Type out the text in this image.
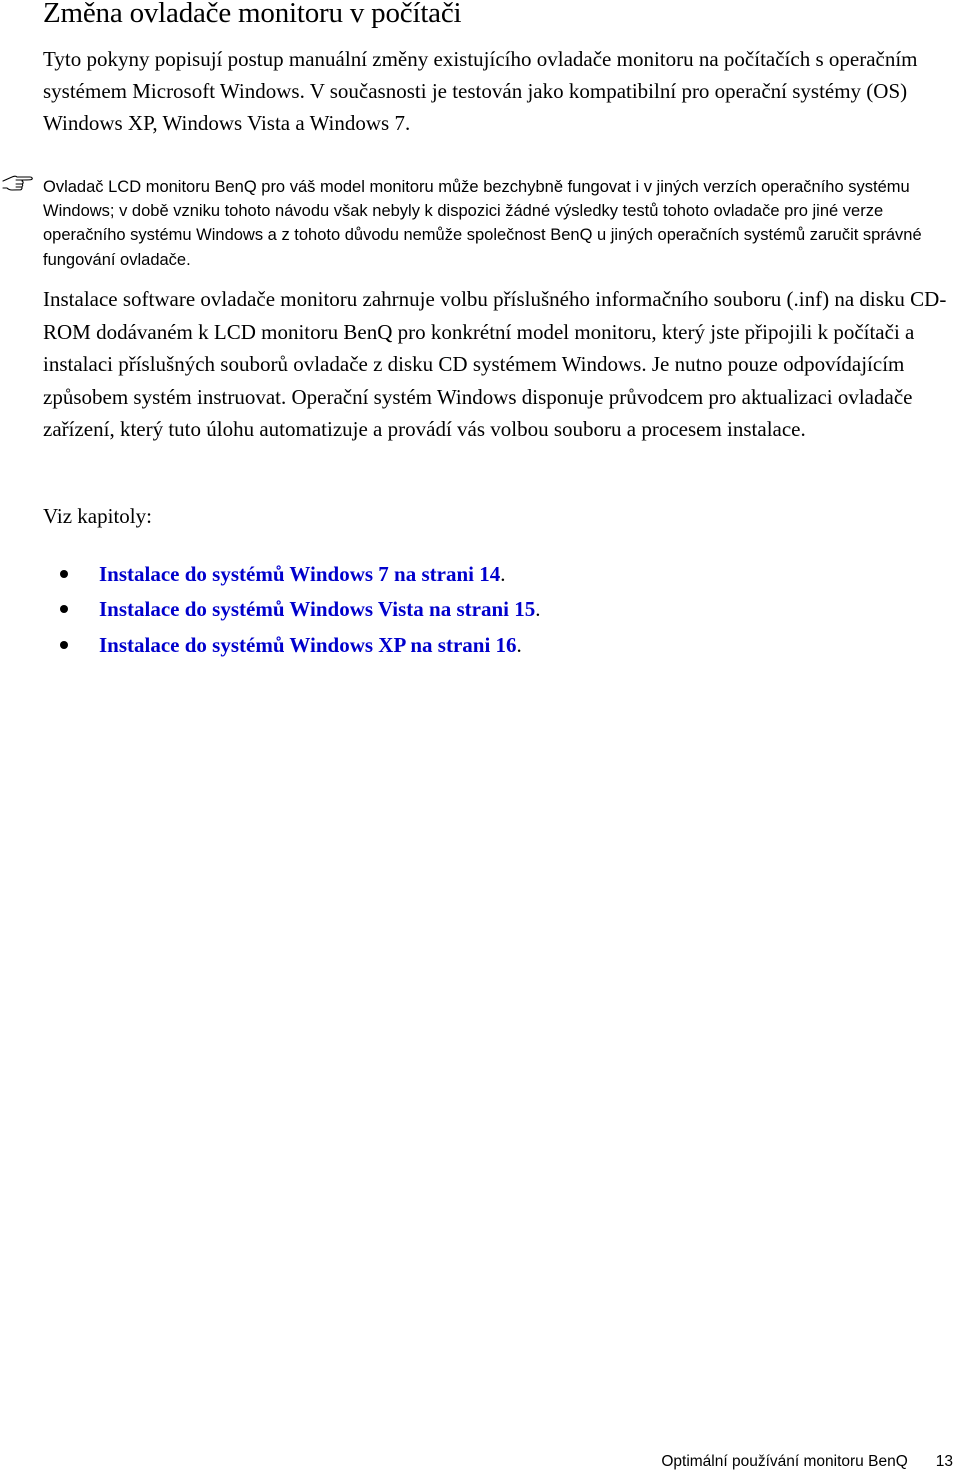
Změna ovladače monitoru v počítači

Tyto pokyny popisují postup manuální změny existujícího ovladače monitoru na počítačích s operačním systémem Microsoft Windows. V současnosti je testován jako kompatibilní pro operační systémy (OS) Windows XP, Windows Vista a Windows 7.

Ovladač LCD monitoru BenQ pro váš model monitoru může bezchybně fungovat i v jiných verzích operačního systému Windows; v době vzniku tohoto návodu však nebyly k dispozici žádné výsledky testů tohoto ovladače pro jiné verze operačního systému Windows a z tohoto důvodu nemůže společnost BenQ u jiných operačních systémů zaručit správné fungování ovladače.

Instalace software ovladače monitoru zahrnuje volbu příslušného informačního souboru (.inf) na disku CD-ROM dodávaném k LCD monitoru BenQ pro konkrétní model monitoru, který jste připojili k počítači a instalaci příslušných souborů ovladače z disku CD systémem Windows. Je nutno pouze odpovídajícím způsobem systém instruovat. Operační systém Windows disponuje průvodcem pro aktualizaci ovladače zařízení, který tuto úlohu automatizuje a provádí vás volbou souboru a procesem instalace.

Viz kapitoly:

Instalace do systémů Windows 7 na strani 14.
Instalace do systémů Windows Vista na strani 15.
Instalace do systémů Windows XP na strani 16.
Optimální používání monitoru BenQ 13
